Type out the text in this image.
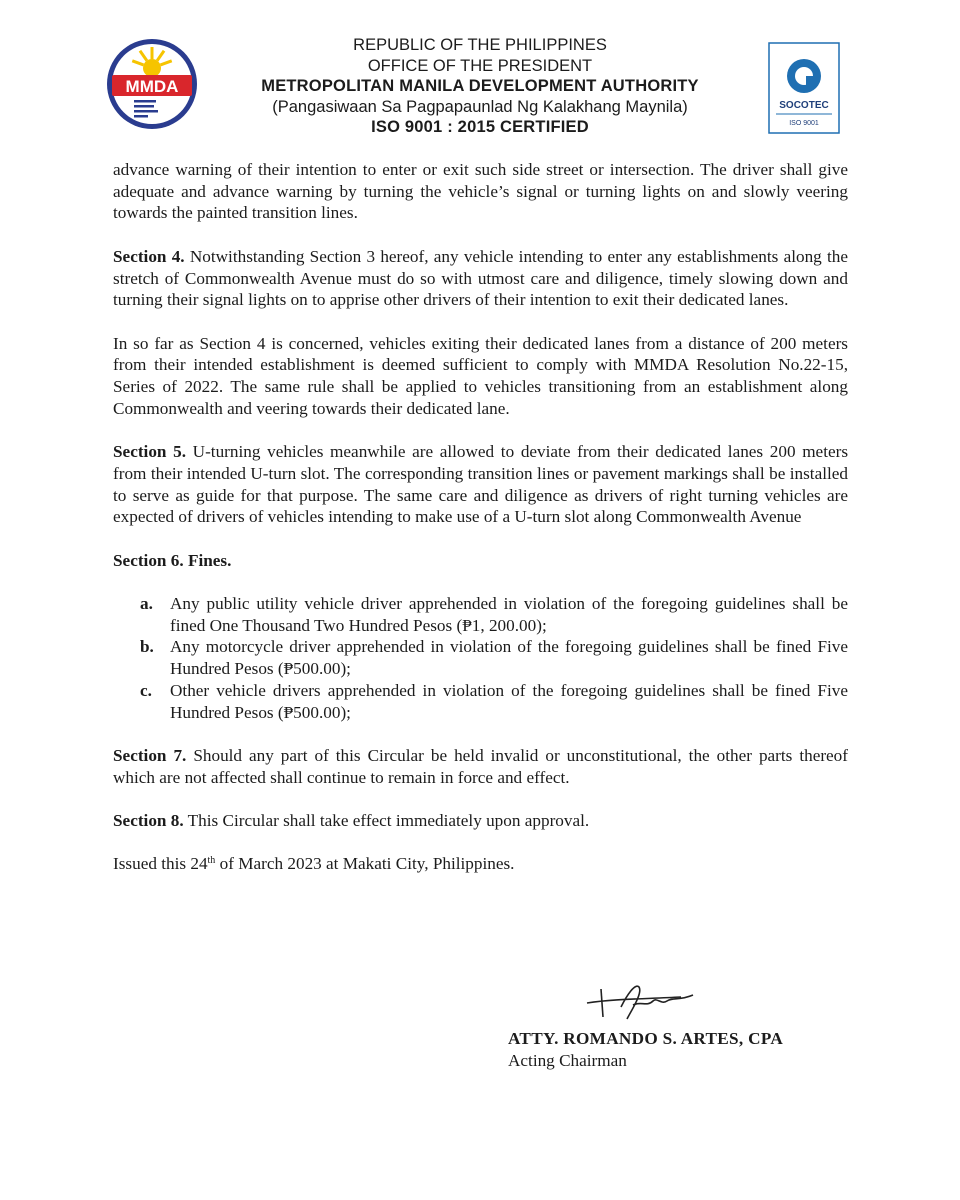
MMDA
REPUBLIC OF THE PHILIPPINES
OFFICE OF THE PRESIDENT
METROPOLITAN MANILA DEVELOPMENT AUTHORITY
(Pangasiwaan Sa Pagpapaunlad Ng Kalakhang Maynila)
ISO 9001 : 2015 CERTIFIED
SOCOTEC
ISO 9001

advance warning of their intention to enter or exit such side street or intersection. The driver shall give adequate and advance warning by turning the vehicle’s signal or turning lights on and slowly veering towards the painted transition lines.

Section 4. Notwithstanding Section 3 hereof, any vehicle intending to enter any establishments along the stretch of Commonwealth Avenue must do so with utmost care and diligence, timely slowing down and turning their signal lights on to apprise other drivers of their intention to exit their dedicated lanes.

In so far as Section 4 is concerned, vehicles exiting their dedicated lanes from a distance of 200 meters from their intended establishment is deemed sufficient to comply with MMDA Resolution No.22-15, Series of 2022. The same rule shall be applied to vehicles transitioning from an establishment along Commonwealth and veering towards their dedicated lane.

Section 5. U-turning vehicles meanwhile are allowed to deviate from their dedicated lanes 200 meters from their intended U-turn slot. The corresponding transition lines or pavement markings shall be installed to serve as guide for that purpose. The same care and diligence as drivers of right turning vehicles are expected of drivers of vehicles intending to make use of a U-turn slot along Commonwealth Avenue

Section 6. Fines.

a. Any public utility vehicle driver apprehended in violation of the foregoing guidelines shall be fined One Thousand Two Hundred Pesos (₱1, 200.00);
b. Any motorcycle driver apprehended in violation of the foregoing guidelines shall be fined Five Hundred Pesos (₱500.00);
c. Other vehicle drivers apprehended in violation of the foregoing guidelines shall be fined Five Hundred Pesos (₱500.00);

Section 7. Should any part of this Circular be held invalid or unconstitutional, the other parts thereof which are not affected shall continue to remain in force and effect.

Section 8. This Circular shall take effect immediately upon approval.

Issued this 24th of March 2023 at Makati City, Philippines.

ATTY. ROMANDO S. ARTES, CPA
Acting Chairman
